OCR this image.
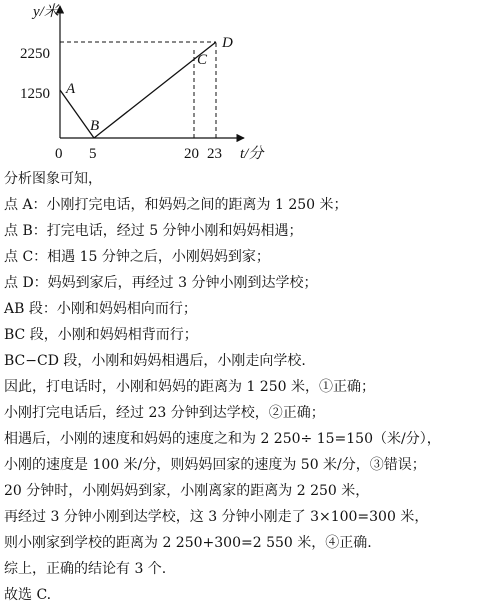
y/米
t/分
0 5	20 23
1250
2250
A
B
C
D
分析图象可知，
点 A：小刚打完电话，和妈妈之间的距离为 1 250 米；
点 B：打完电话，经过 5 分钟小刚和妈妈相遇；
点 C：相遇 15 分钟之后，小刚妈妈到家；
点 D：妈妈到家后，再经过 3 分钟小刚到达学校；
AB 段：小刚和妈妈相向而行；
BC 段，小刚和妈妈相背而行；
BC−CD 段，小刚和妈妈相遇后，小刚走向学校.
因此，打电话时，小刚和妈妈的距离为 1 250 米，①正确；
小刚打完电话后，经过 23 分钟到达学校，②正确；
相遇后，小刚的速度和妈妈的速度之和为 2 250÷ 15=150（米/分），
小刚的速度是 100 米/分，则妈妈回家的速度为 50 米/分，③错误；
20 分钟时，小刚妈妈到家，小刚离家的距离为 2 250 米，
再经过 3 分钟小刚到达学校，这 3 分钟小刚走了 3×100=300 米，
则小刚家到学校的距离为 2 250+300=2 550 米，④正确.
综上，正确的结论有 3 个.
故选 C.
